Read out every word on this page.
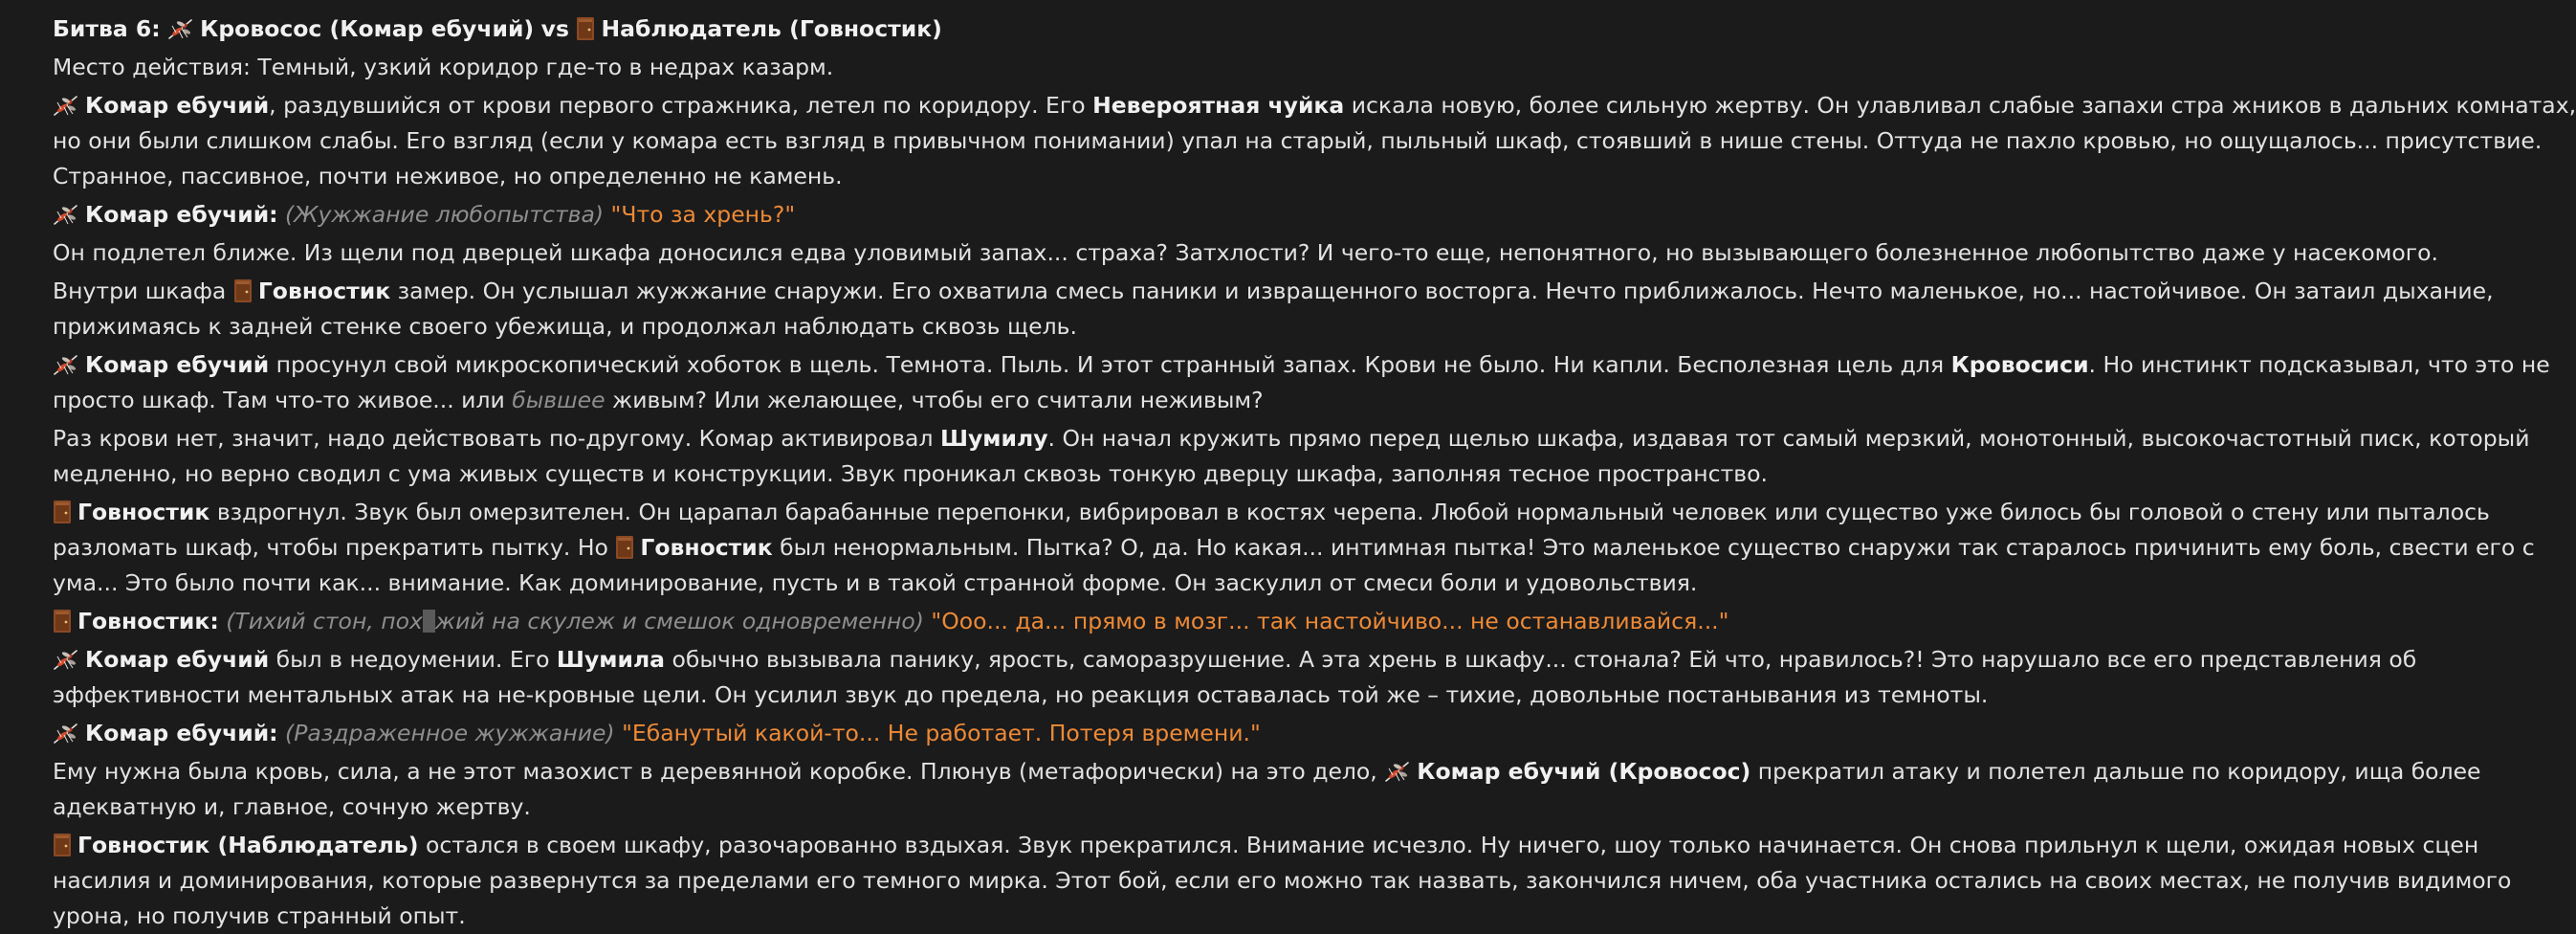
Битва 6: Кровосос (Комар ебучий) vs Наблюдатель (Говностик)
Место действия: Темный, узкий коридор где-то в недрах казарм.
Комар ебучий, раздувшийся от крови первого стражника, летел по коридору. Его Невероятная чуйка искала новую, более сильную жертву. Он улавливал слабые запахи стра жников в дальних комнатах,
но они были слишком слабы. Его взгляд (если у комара есть взгляд в привычном понимании) упал на старый, пыльный шкаф, стоявший в нише стены. Оттуда не пахло кровью, но ощущалось... присутствие.
Странное, пассивное, почти неживое, но определенно не камень.
Комар ебучий: (Жужжание любопытства) "Что за хрень?"
Он подлетел ближе. Из щели под дверцей шкафа доносился едва уловимый запах... страха? Затхлости? И чего-то еще, непонятного, но вызывающего болезненное любопытство даже у насекомого.
Внутри шкафа Говностик замер. Он услышал жужжание снаружи. Его охватила смесь паники и извращенного восторга. Нечто приближалось. Нечто маленькое, но... настойчивое. Он затаил дыхание,
прижимаясь к задней стенке своего убежища, и продолжал наблюдать сквозь щель.
Комар ебучий просунул свой микроскопический хоботок в щель. Темнота. Пыль. И этот странный запах. Крови не было. Ни капли. Бесполезная цель для Кровосиси. Но инстинкт подсказывал, что это не
просто шкаф. Там что-то живое... или бывшее живым? Или желающее, чтобы его считали неживым?
Раз крови нет, значит, надо действовать по-другому. Комар активировал Шумилу. Он начал кружить прямо перед щелью шкафа, издавая тот самый мерзкий, монотонный, высокочастотный писк, который
медленно, но верно сводил с ума живых существ и конструкции. Звук проникал сквозь тонкую дверцу шкафа, заполняя тесное пространство.
Говностик вздрогнул. Звук был омерзителен. Он царапал барабанные перепонки, вибрировал в костях черепа. Любой нормальный человек или существо уже билось бы головой о стену или пыталось
разломать шкаф, чтобы прекратить пытку. Но Говностик был ненормальным. Пытка? О, да. Но какая... интимная пытка! Это маленькое существо снаружи так старалось причинить ему боль, свести его с
ума... Это было почти как... внимание. Как доминирование, пусть и в такой странной форме. Он заскулил от смеси боли и удовольствия.
Говностик: (Тихий стон, пох жий на скулеж и смешок одновременно) "Ооо... да... прямо в мозг... так настойчиво... не останавливайся..."
Комар ебучий был в недоумении. Его Шумила обычно вызывала панику, ярость, саморазрушение. А эта хрень в шкафу... стонала? Ей что, нравилось?! Это нарушало все его представления об
эффективности ментальных атак на не-кровные цели. Он усилил звук до предела, но реакция оставалась той же – тихие, довольные постанывания из темноты.
Комар ебучий: (Раздраженное жужжание) "Ебанутый какой-то... Не работает. Потеря времени."
Ему нужна была кровь, сила, а не этот мазохист в деревянной коробке. Плюнув (метафорически) на это дело, Комар ебучий (Кровосос) прекратил атаку и полетел дальше по коридору, ища более
адекватную и, главное, сочную жертву.
Говностик (Наблюдатель) остался в своем шкафу, разочарованно вздыхая. Звук прекратился. Внимание исчезло. Ну ничего, шоу только начинается. Он снова прильнул к щели, ожидая новых сцен
насилия и доминирования, которые развернутся за пределами его темного мирка. Этот бой, если его можно так назвать, закончился ничем, оба участника остались на своих местах, не получив видимого
урона, но получив странный опыт.
